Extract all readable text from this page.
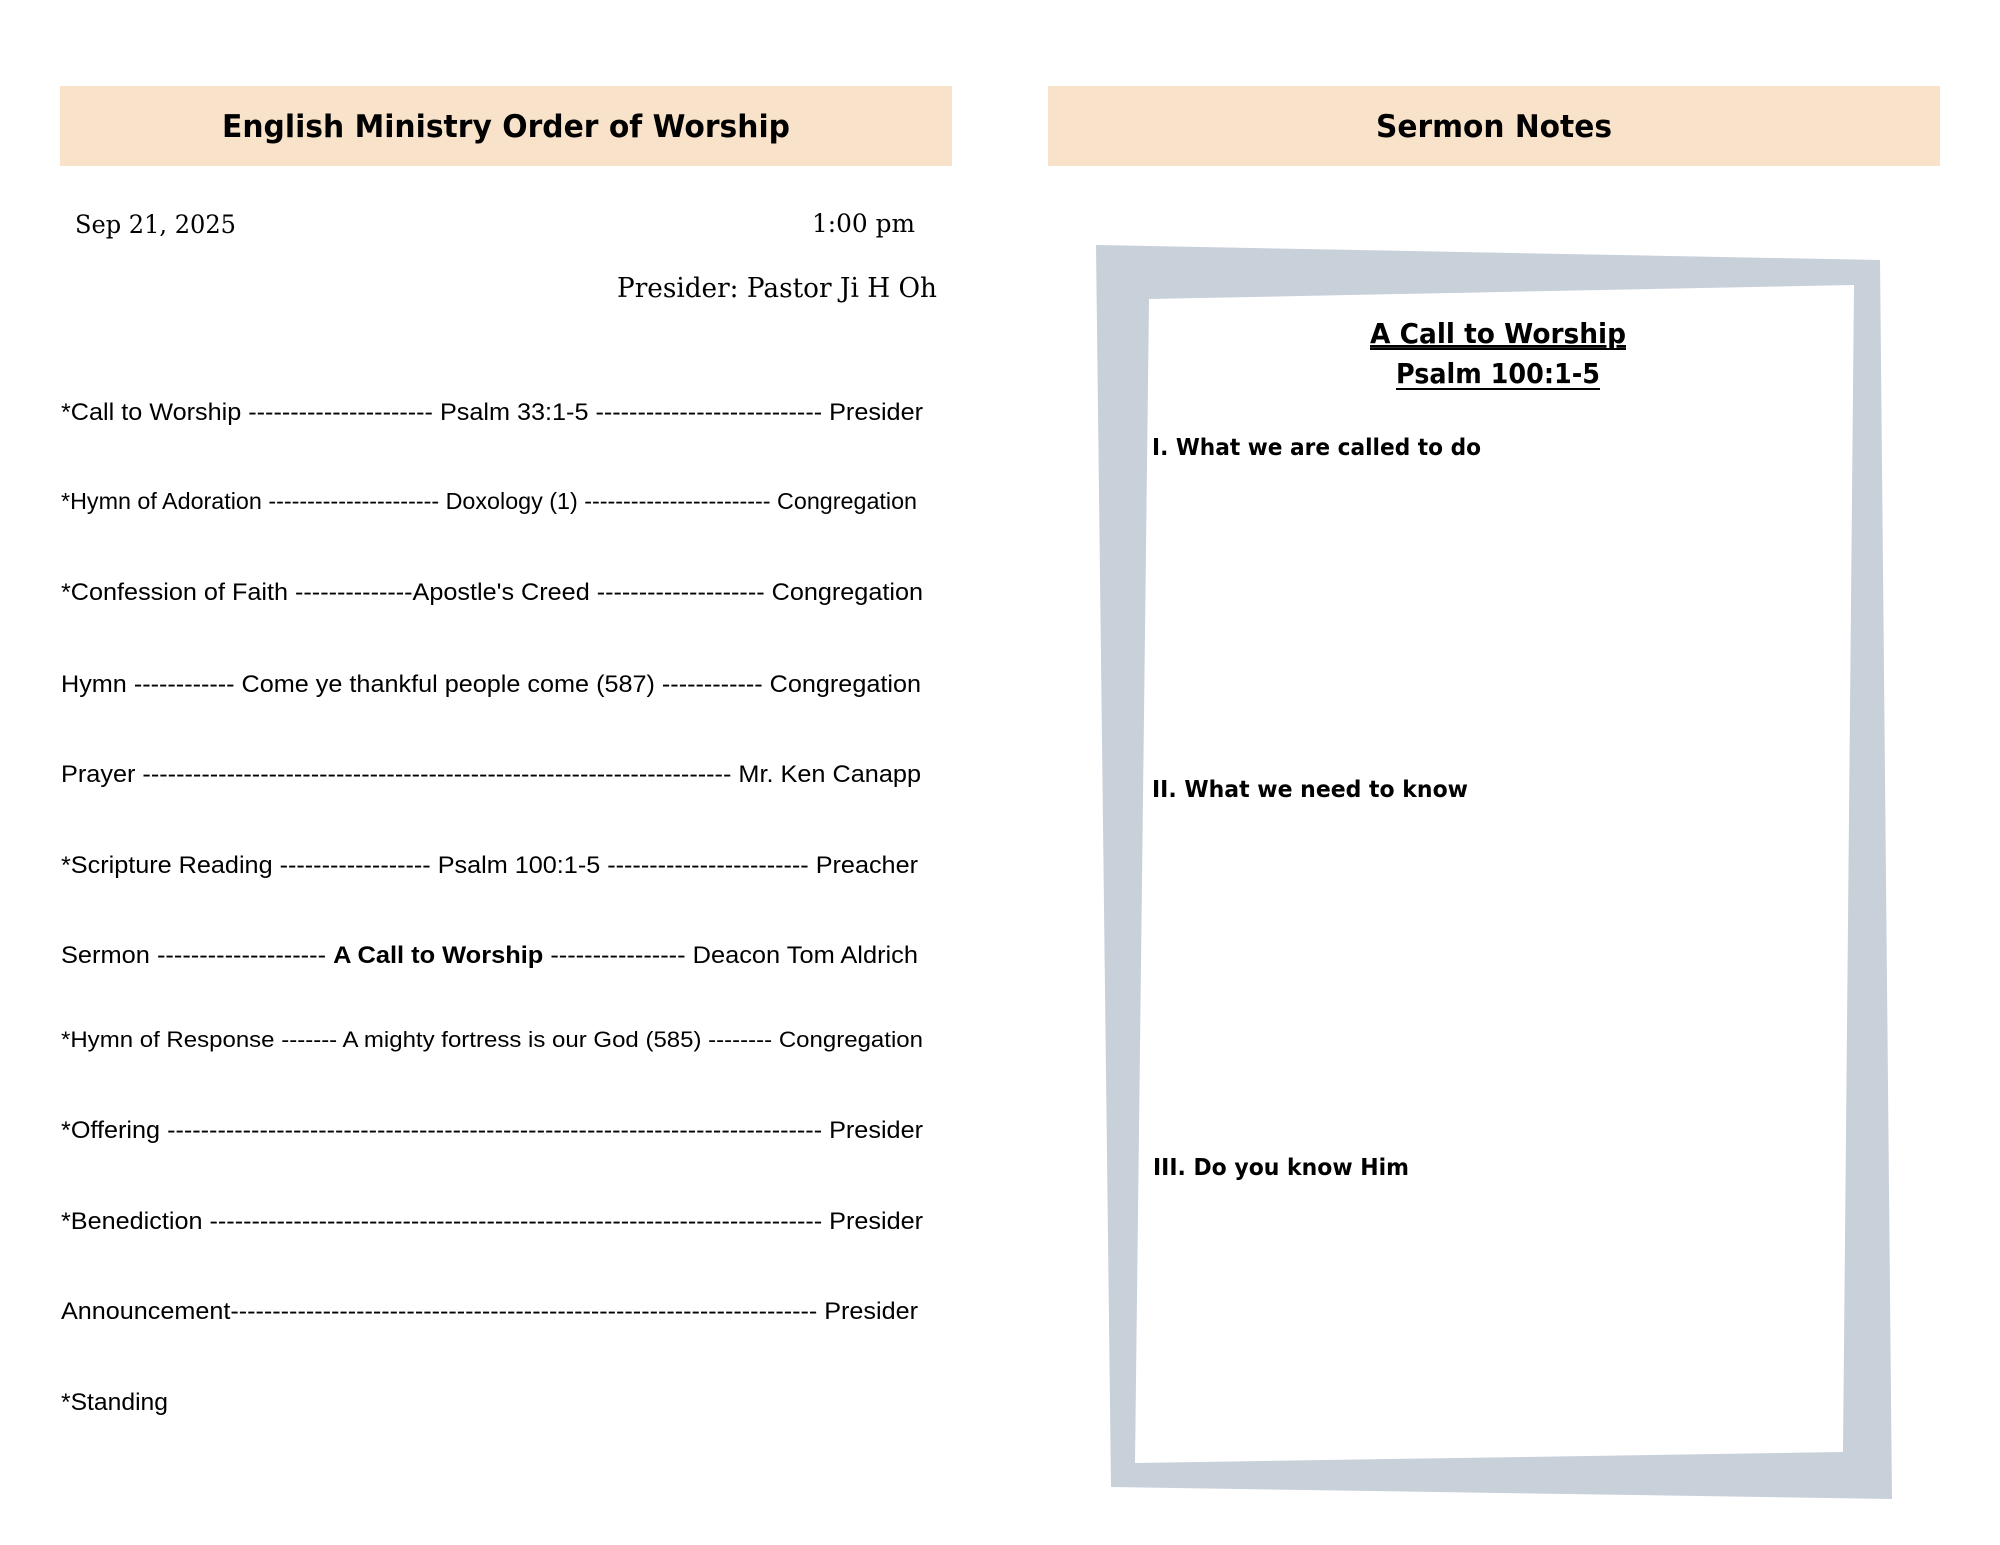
English Ministry Order of Worship
Sep 21, 2025	1:00 pm
Presider: Pastor Ji H Oh
*Call to Worship ---------------------- Psalm 33:1-5 --------------------------- Presider
*Hymn of Adoration ---------------------- Doxology (1) ------------------------ Congregation
*Confession of Faith --------------Apostle's Creed -------------------- Congregation
Hymn ------------ Come ye thankful people come (587) ------------ Congregation
Prayer ---------------------------------------------------------------------- Mr. Ken Canapp
*Scripture Reading ------------------ Psalm 100:1-5 ------------------------ Preacher
Sermon -------------------- A Call to Worship ---------------- Deacon Tom Aldrich
*Hymn of Response ------- A mighty fortress is our God (585) -------- Congregation
*Offering ------------------------------------------------------------------------------ Presider
*Benediction ------------------------------------------------------------------------- Presider
Announcement---------------------------------------------------------------------- Presider
*Standing
Sermon Notes
A Call to Worship
Psalm 100:1-5
I. What we are called to do
II. What we need to know
III. Do you know Him
